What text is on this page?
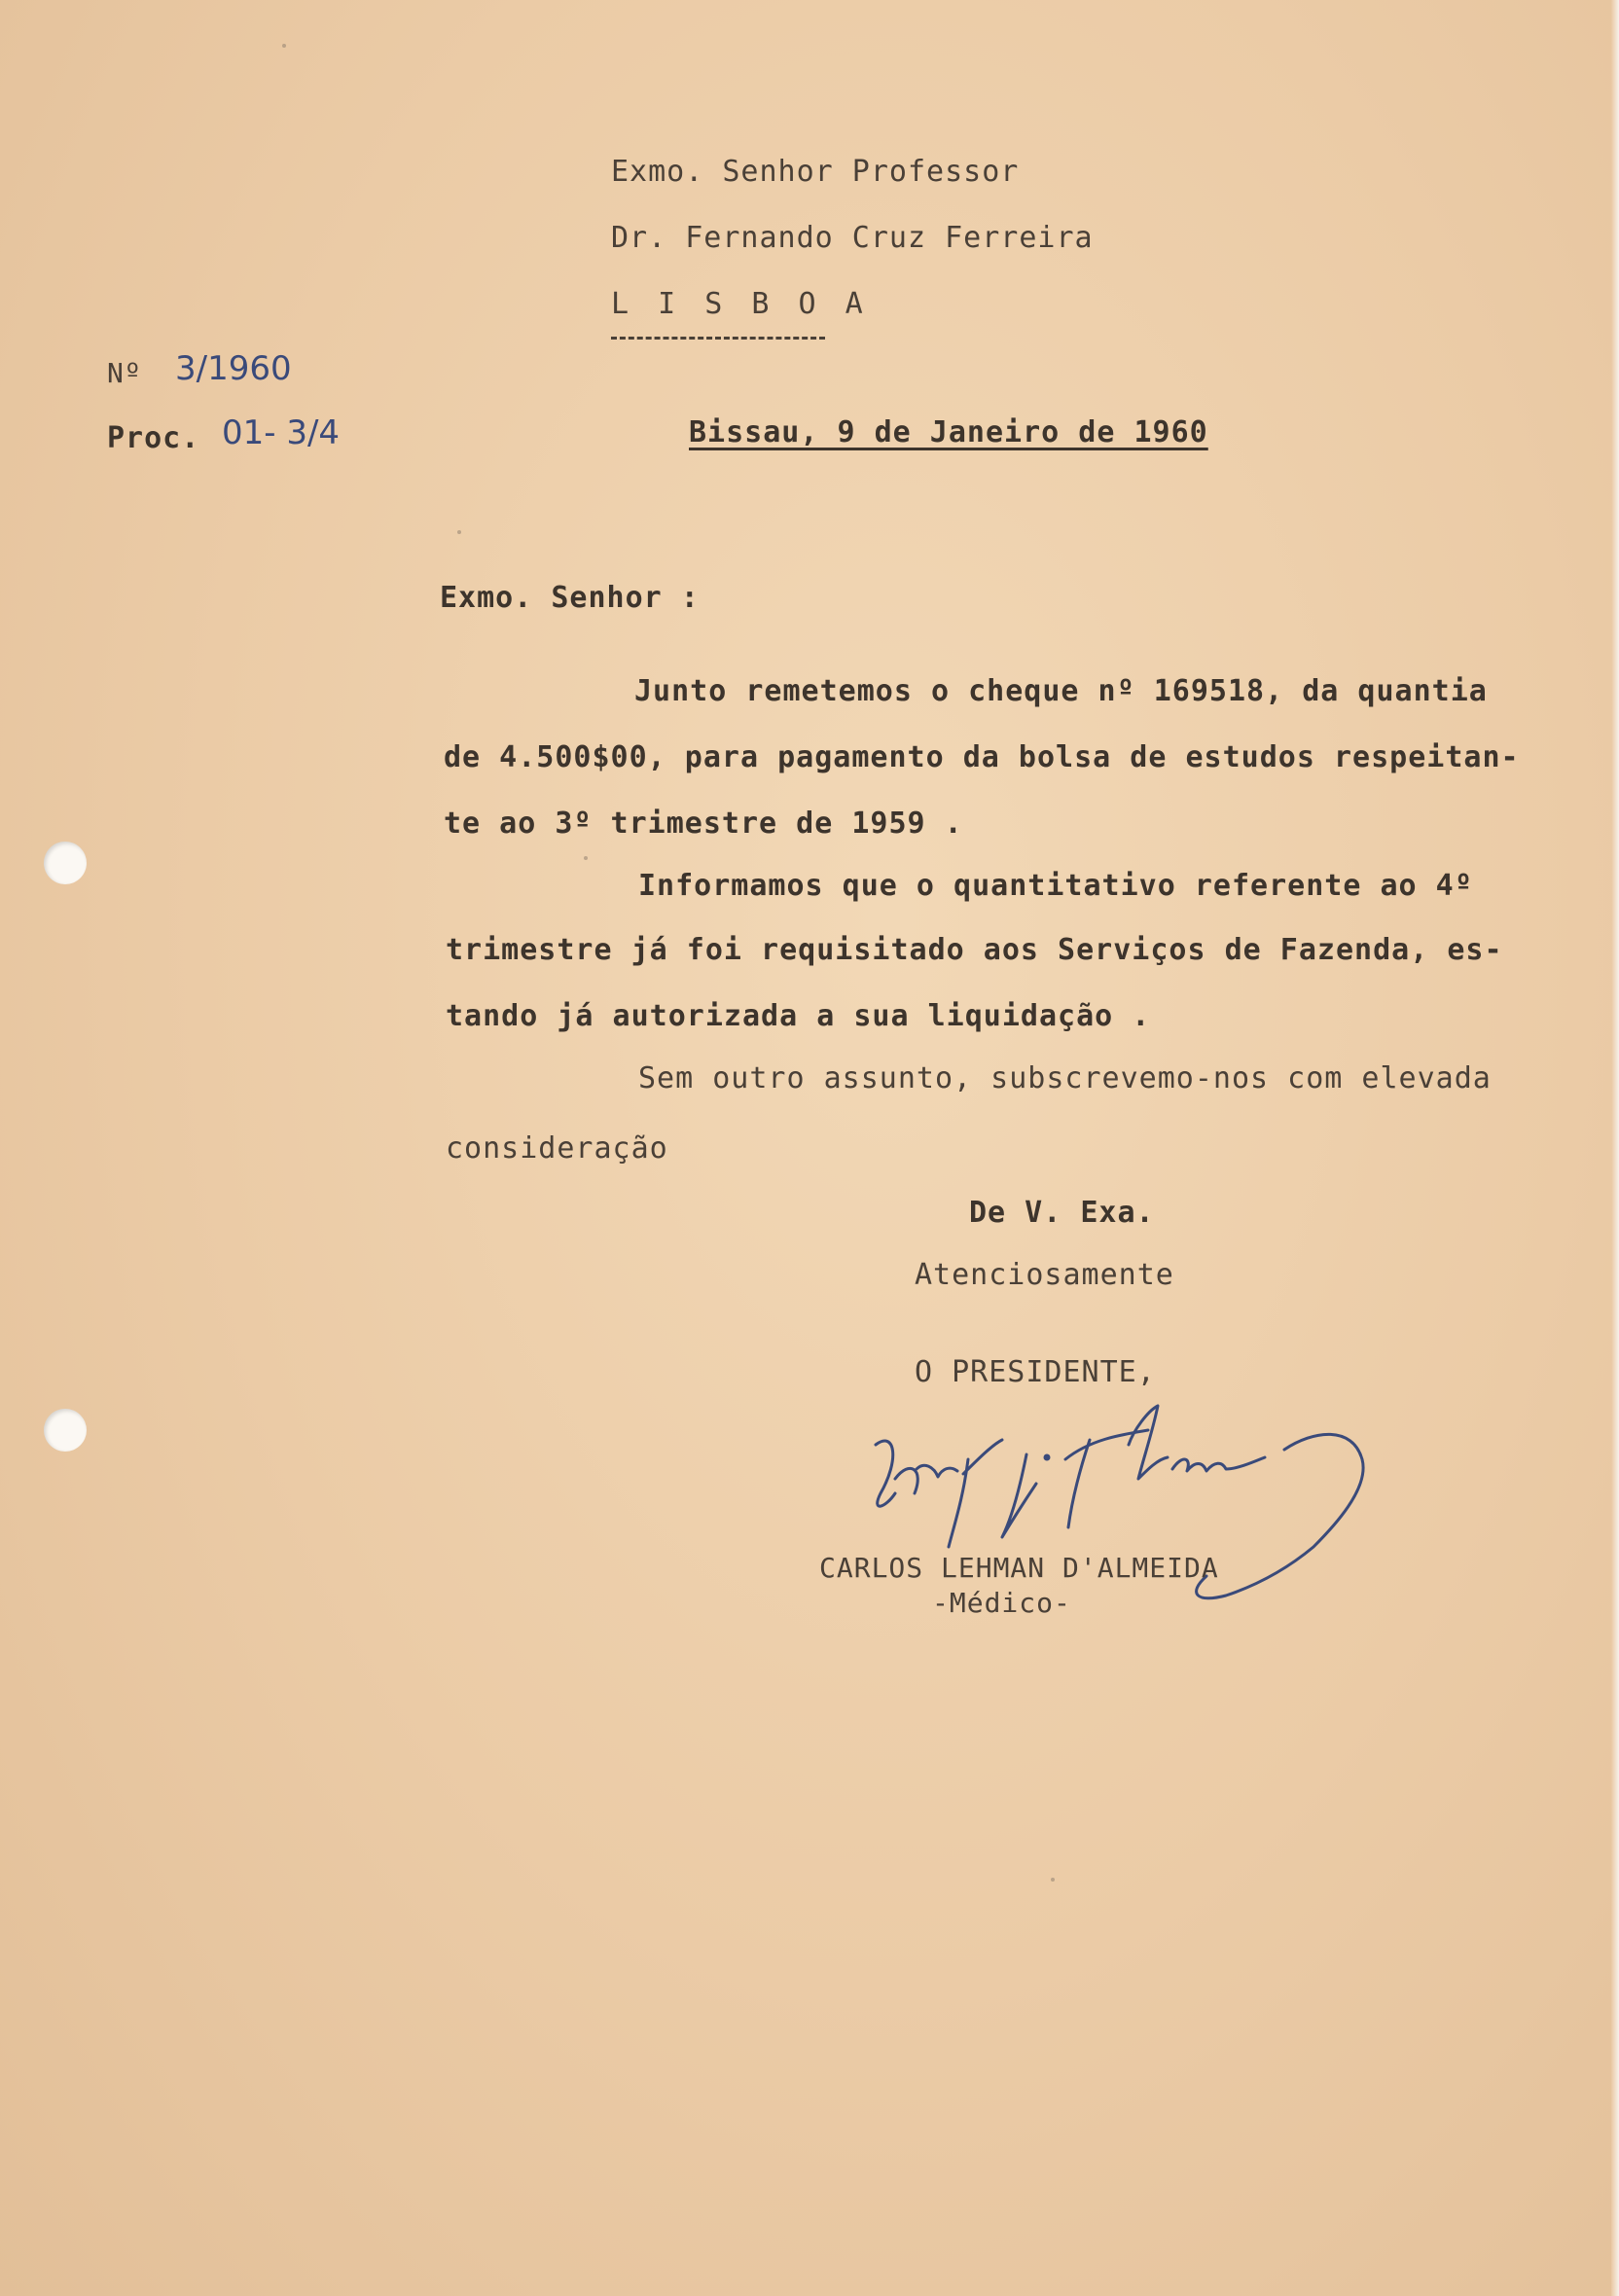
Exmo. Senhor Professor
Dr. Fernando Cruz Ferreira
L I S B O A
Nº 3/1960
Proc. 01- 3/4	Bissau, 9 de Janeiro de 1960
Exmo. Senhor :
Junto remetemos o cheque nº 169518, da quantia
de 4.500$00, para pagamento da bolsa de estudos respeitan-
te ao 3º trimestre de 1959 .
Informamos que o quantitativo referente ao 4º
trimestre já foi requisitado aos Serviços de Fazenda, es-
tando já autorizada a sua liquidação .
Sem outro assunto, subscrevemo-nos com elevada
consideração
De V. Exa.
Atenciosamente
O PRESIDENTE,
CARLOS LEHMAN D'ALMEIDA
-Médico-
